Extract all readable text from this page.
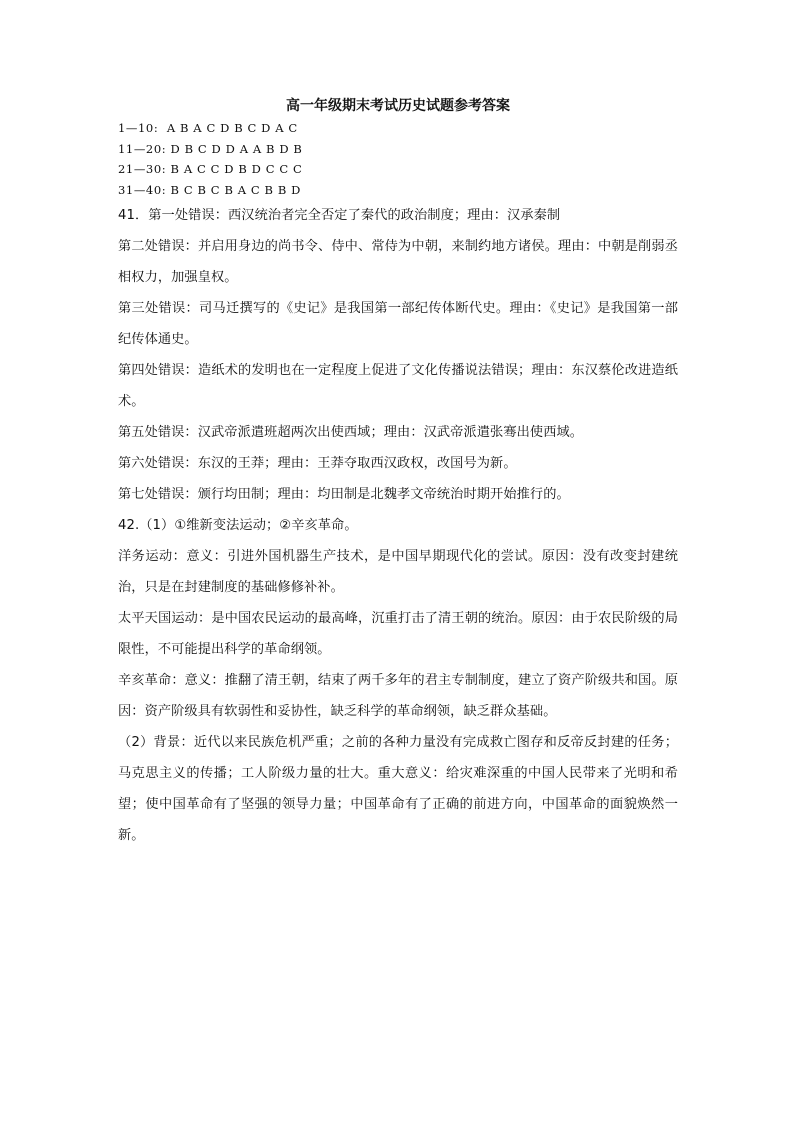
高一年级期末考试历史试题参考答案
1—10: A B A C D B C D A C
11—20: D B C D D A A B D B
21—30: B A C C D B D C C C
31—40: B C B C B A C B B D

41．第一处错误：西汉统治者完全否定了秦代的政治制度；理由：汉承秦制

第二处错误：并启用身边的尚书令、侍中、常侍为中朝，来制约地方诸侯。理由：中朝是削弱丞相权力，加强皇权。

第三处错误：司马迁撰写的《史记》是我国第一部纪传体断代史。理由：《史记》是我国第一部纪传体通史。

第四处错误：造纸术的发明也在一定程度上促进了文化传播说法错误；理由：东汉蔡伦改进造纸术。

第五处错误：汉武帝派遣班超两次出使西域；理由：汉武帝派遣张骞出使西域。

第六处错误：东汉的王莽；理由：王莽夺取西汉政权，改国号为新。

第七处错误：颁行均田制；理由：均田制是北魏孝文帝统治时期开始推行的。

42.（1）①维新变法运动；②辛亥革命。

洋务运动：意义：引进外国机器生产技术，是中国早期现代化的尝试。原因：没有改变封建统治，只是在封建制度的基础修修补补。

太平天国运动：是中国农民运动的最高峰，沉重打击了清王朝的统治。原因：由于农民阶级的局限性，不可能提出科学的革命纲领。

辛亥革命：意义：推翻了清王朝，结束了两千多年的君主专制制度，建立了资产阶级共和国。原因：资产阶级具有软弱性和妥协性，缺乏科学的革命纲领，缺乏群众基础。

（2）背景：近代以来民族危机严重；之前的各种力量没有完成救亡图存和反帝反封建的任务；马克思主义的传播；工人阶级力量的壮大。重大意义：给灾难深重的中国人民带来了光明和希望；使中国革命有了坚强的领导力量；中国革命有了正确的前进方向，中国革命的面貌焕然一新。
